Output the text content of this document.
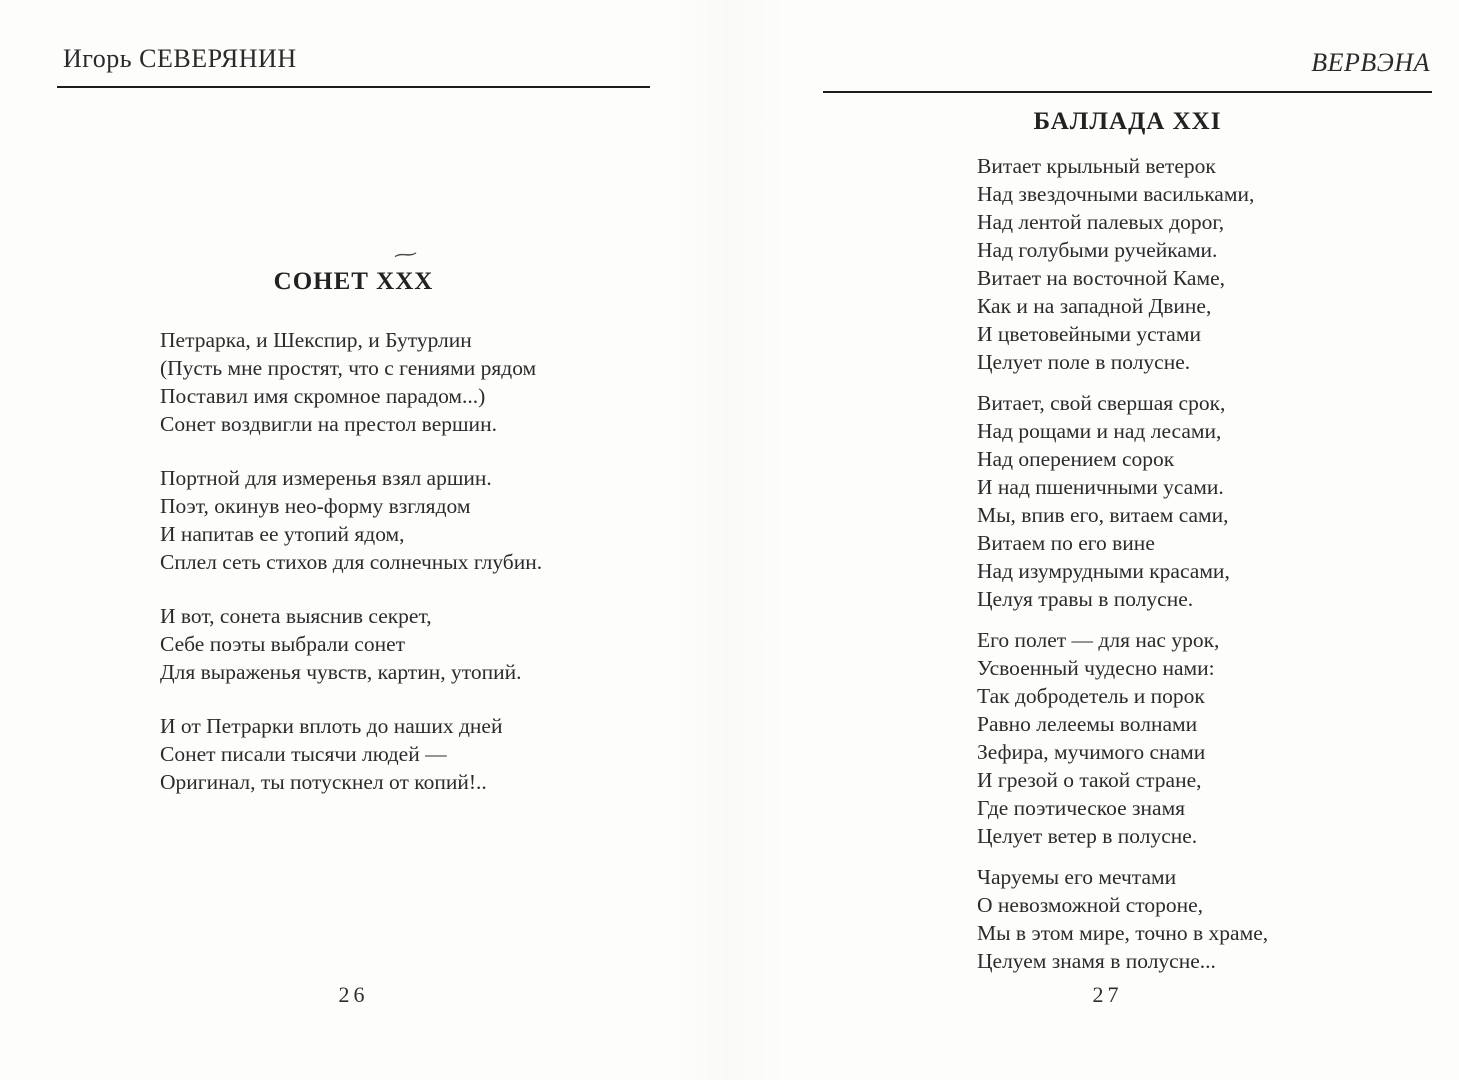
Игорь СЕВЕРЯНИН
⁓
СОНЕТ XXX
Петрарка, и Шекспир, и Бутурлин
(Пусть мне простят, что с гениями рядом
Поставил имя скромное парадом...)
Сонет воздвигли на престол вершин.
Портной для измеренья взял аршин.
Поэт, окинув нео-форму взглядом
И напитав ее утопий ядом,
Сплел сеть стихов для солнечных глубин.
И вот, сонета выяснив секрет,
Себе поэты выбрали сонет
Для выраженья чувств, картин, утопий.
И от Петрарки вплоть до наших дней
Сонет писали тысячи людей —
Оригинал, ты потускнел от копий!..
26
ВЕРВЭНА
БАЛЛАДА XXI
Витает крыльный ветерок
Над звездочными васильками,
Над лентой палевых дорог,
Над голубыми ручейками.
Витает на восточной Каме,
Как и на западной Двине,
И цветовейными устами
Целует поле в полусне.
Витает, свой свершая срок,
Над рощами и над лесами,
Над оперением сорок
И над пшеничными усами.
Мы, впив его, витаем сами,
Витаем по его вине
Над изумрудными красами,
Целуя травы в полусне.
Его полет — для нас урок,
Усвоенный чудесно нами:
Так добродетель и порок
Равно лелеемы волнами
Зефира, мучимого снами
И грезой о такой стране,
Где поэтическое знамя
Целует ветер в полусне.
Чаруемы его мечтами
О невозможной стороне,
Мы в этом мире, точно в храме,
Целуем знамя в полусне...
27
